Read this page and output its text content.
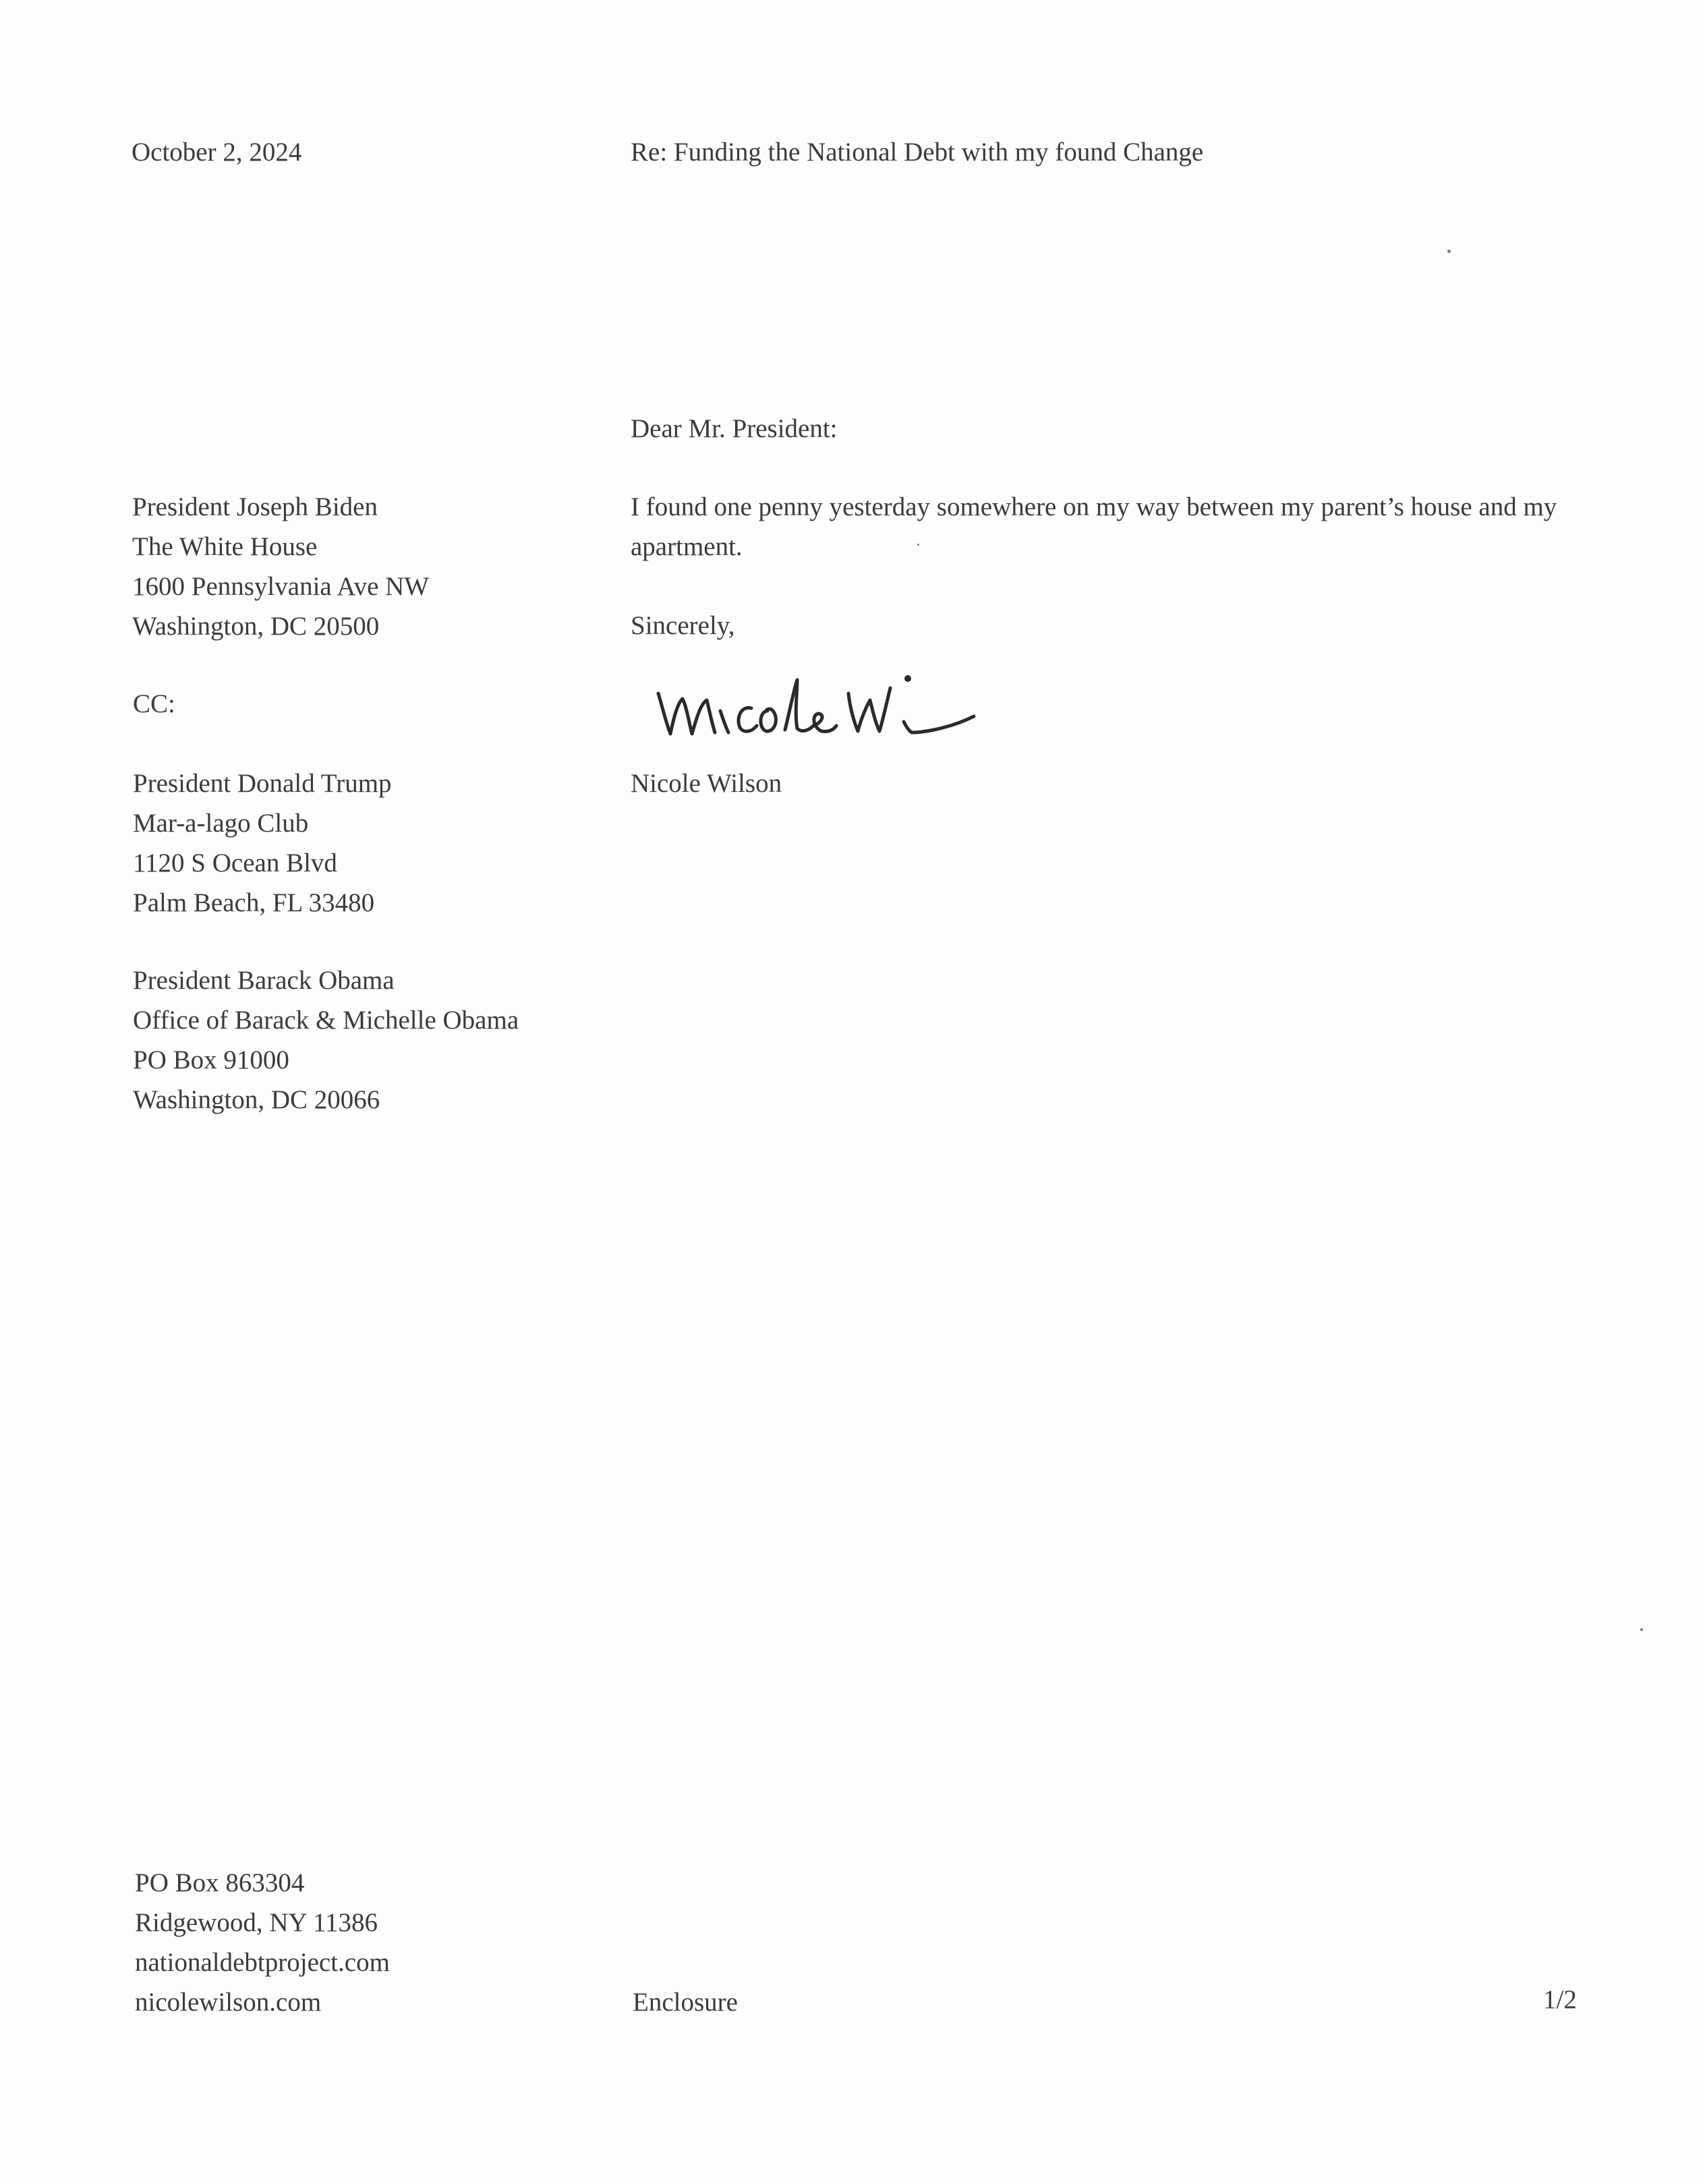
October 2, 2024	Re: Funding the National Debt with my found Change
Dear Mr. President:
President Joseph Biden
The White House
1600 Pennsylvania Ave NW
Washington, DC 20500
I found one penny yesterday somewhere on my way between my parent’s house and my apartment.
Sincerely,
CC:
Nicole Wilson
President Donald Trump
Mar-a-lago Club
1120 S Ocean Blvd
Palm Beach, FL 33480
President Barack Obama
Office of Barack & Michelle Obama
PO Box 91000
Washington, DC 20066
PO Box 863304
Ridgewood, NY 11386
nationaldebtproject.com
nicolewilson.com	Enclosure	1/2
